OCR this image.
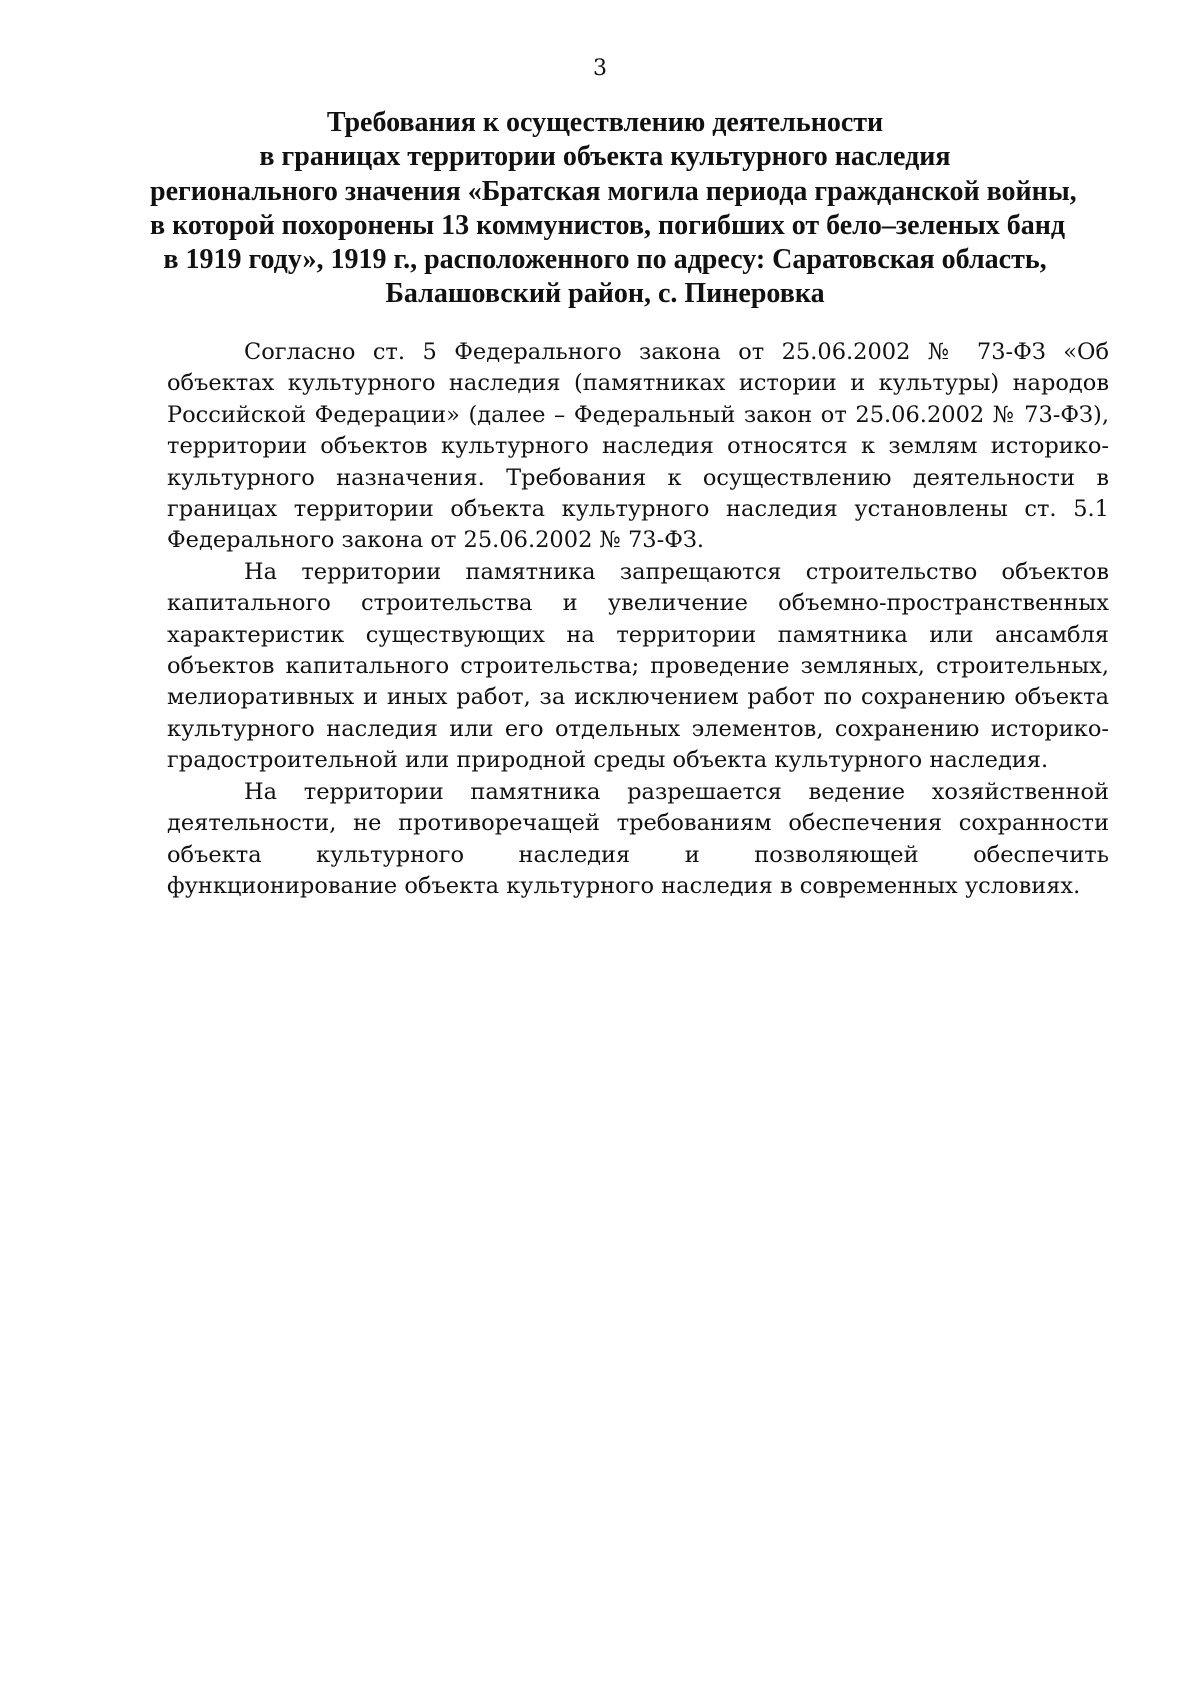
3
Требования к осуществлению деятельности
в границах территории объекта культурного наследия
регионального значения «Братская могила периода гражданской войны,
в которой похоронены 13 коммунистов, погибших от бело–зеленых банд
в 1919 году», 1919 г., расположенного по адресу: Саратовская область,
Балашовский район, с. Пинеровка

Согласно ст. 5 Федерального закона от 25.06.2002 № 73-ФЗ «Об объектах культурного наследия (памятниках истории и культуры) народов Российской Федерации» (далее – Федеральный закон от 25.06.2002 № 73-ФЗ), территории объектов культурного наследия относятся к землям историко-культурного назначения. Требования к осуществлению деятельности в границах территории объекта культурного наследия установлены ст. 5.1 Федерального закона от 25.06.2002 № 73-ФЗ.

На территории памятника запрещаются строительство объектов капитального строительства и увеличение объемно-пространственных характеристик существующих на территории памятника или ансамбля объектов капитального строительства; проведение земляных, строительных, мелиоративных и иных работ, за исключением работ по сохранению объекта культурного наследия или его отдельных элементов, сохранению историко-градостроительной или природной среды объекта культурного наследия.

На территории памятника разрешается ведение хозяйственной деятельности, не противоречащей требованиям обеспечения сохранности объекта культурного наследия и позволяющей обеспечить функционирование объекта культурного наследия в современных условиях.
